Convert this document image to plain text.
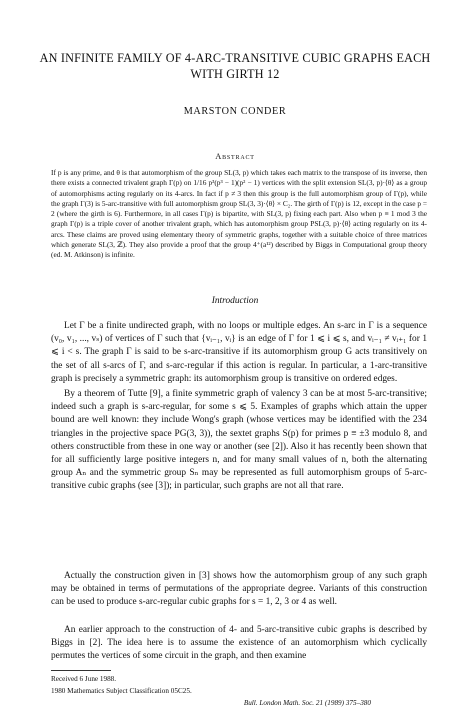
AN INFINITE FAMILY OF 4-ARC-TRANSITIVE CUBIC GRAPHS EACH WITH GIRTH 12

MARSTON CONDER

Abstract

If p is any prime, and θ is that automorphism of the group SL(3, p) which takes each matrix to the transpose of its inverse, then there exists a connected trivalent graph Γ(p) on 1/16 p³(p³ − 1)(p² − 1) vertices with the split extension SL(3, p)·⟨θ⟩ as a group of automorphisms acting regularly on its 4-arcs. In fact if p ≠ 3 then this group is the full automorphism group of Γ(p), while the graph Γ(3) is 5-arc-transitive with full automorphism group SL(3, 3)·⟨θ⟩ × C₂. The girth of Γ(p) is 12, except in the case p = 2 (where the girth is 6). Furthermore, in all cases Γ(p) is bipartite, with SL(3, p) fixing each part. Also when p ≡ 1 mod 3 the graph Γ(p) is a triple cover of another trivalent graph, which has automorphism group PSL(3, p)·⟨θ⟩ acting regularly on its 4-arcs. These claims are proved using elementary theory of symmetric graphs, together with a suitable choice of three matrices which generate SL(3, ℤ). They also provide a proof that the group 4⁺(a¹²) described by Biggs in Computational group theory (ed. M. Atkinson) is infinite.

Introduction

Let Γ be a finite undirected graph, with no loops or multiple edges. An s-arc in Γ is a sequence (v₀, v₁, ..., vₛ) of vertices of Γ such that {vᵢ₋₁, vᵢ} is an edge of Γ for 1 ⩽ i ⩽ s, and vᵢ₋₁ ≠ vᵢ₊₁ for 1 ⩽ i < s. The graph Γ is said to be s-arc-transitive if its automorphism group G acts transitively on the set of all s-arcs of Γ, and s-arc-regular if this action is regular. In particular, a 1-arc-transitive graph is precisely a symmetric graph: its automorphism group is transitive on ordered edges.

By a theorem of Tutte [9], a finite symmetric graph of valency 3 can be at most 5-arc-transitive; indeed such a graph is s-arc-regular, for some s ⩽ 5. Examples of graphs which attain the upper bound are well known: they include Wong's graph (whose vertices may be identified with the 234 triangles in the projective space PG(3, 3)), the sextet graphs S(p) for primes p ≡ ±3 modulo 8, and others constructible from these in one way or another (see [2]). Also it has recently been shown that for all sufficiently large positive integers n, and for many small values of n, both the alternating group Aₙ and the symmetric group Sₙ may be represented as full automorphism groups of 5-arc-transitive cubic graphs (see [3]); in particular, such graphs are not all that rare.

Actually the construction given in [3] shows how the automorphism group of any such graph may be obtained in terms of permutations of the appropriate degree. Variants of this construction can be used to produce s-arc-regular cubic graphs for s = 1, 2, 3 or 4 as well.

An earlier approach to the construction of 4- and 5-arc-transitive cubic graphs is described by Biggs in [2]. The idea here is to assume the existence of an automorphism which cyclically permutes the vertices of some circuit in the graph, and then examine

Received 6 June 1988.

1980 Mathematics Subject Classification 05C25.

Bull. London Math. Soc. 21 (1989) 375–380
